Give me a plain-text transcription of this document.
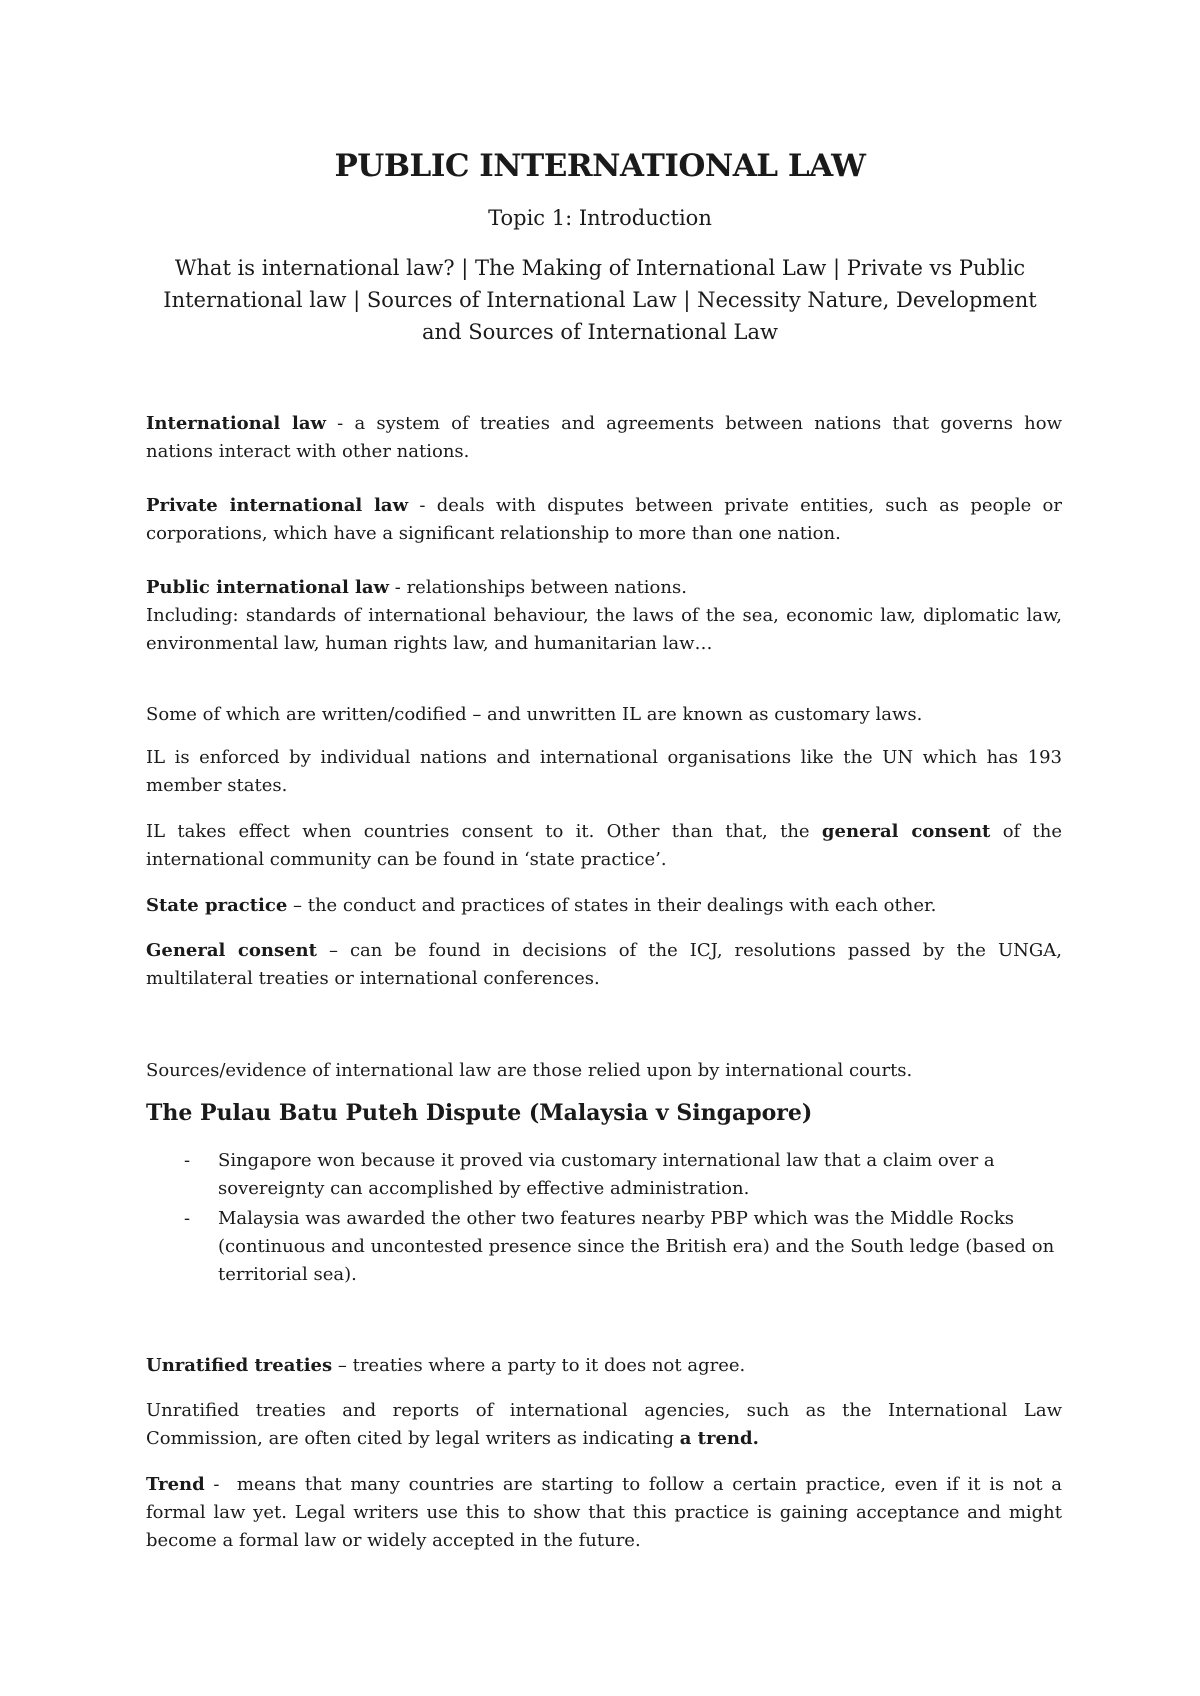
PUBLIC INTERNATIONAL LAW

Topic 1: Introduction

What is international law? | The Making of International Law | Private vs Public International law | Sources of International Law | Necessity Nature, Development and Sources of International Law

International law - a system of treaties and agreements between nations that governs how nations interact with other nations.

Private international law - deals with disputes between private entities, such as people or corporations, which have a significant relationship to more than one nation.

Public international law - relationships between nations.
Including: standards of international behaviour, the laws of the sea, economic law, diplomatic law, environmental law, human rights law, and humanitarian law…

Some of which are written/codified – and unwritten IL are known as customary laws.

IL is enforced by individual nations and international organisations like the UN which has 193 member states.

IL takes effect when countries consent to it. Other than that, the general consent of the international community can be found in ‘state practice’.

State practice – the conduct and practices of states in their dealings with each other.

General consent – can be found in decisions of the ICJ, resolutions passed by the UNGA, multilateral treaties or international conferences.

Sources/evidence of international law are those relied upon by international courts.

The Pulau Batu Puteh Dispute (Malaysia v Singapore)
- Singapore won because it proved via customary international law that a claim over a sovereignty can accomplished by effective administration.
- Malaysia was awarded the other two features nearby PBP which was the Middle Rocks (continuous and uncontested presence since the British era) and the South ledge (based on territorial sea).

Unratified treaties – treaties where a party to it does not agree.

Unratified treaties and reports of international agencies, such as the International Law Commission, are often cited by legal writers as indicating a trend.

Trend -  means that many countries are starting to follow a certain practice, even if it is not a formal law yet. Legal writers use this to show that this practice is gaining acceptance and might become a formal law or widely accepted in the future.
